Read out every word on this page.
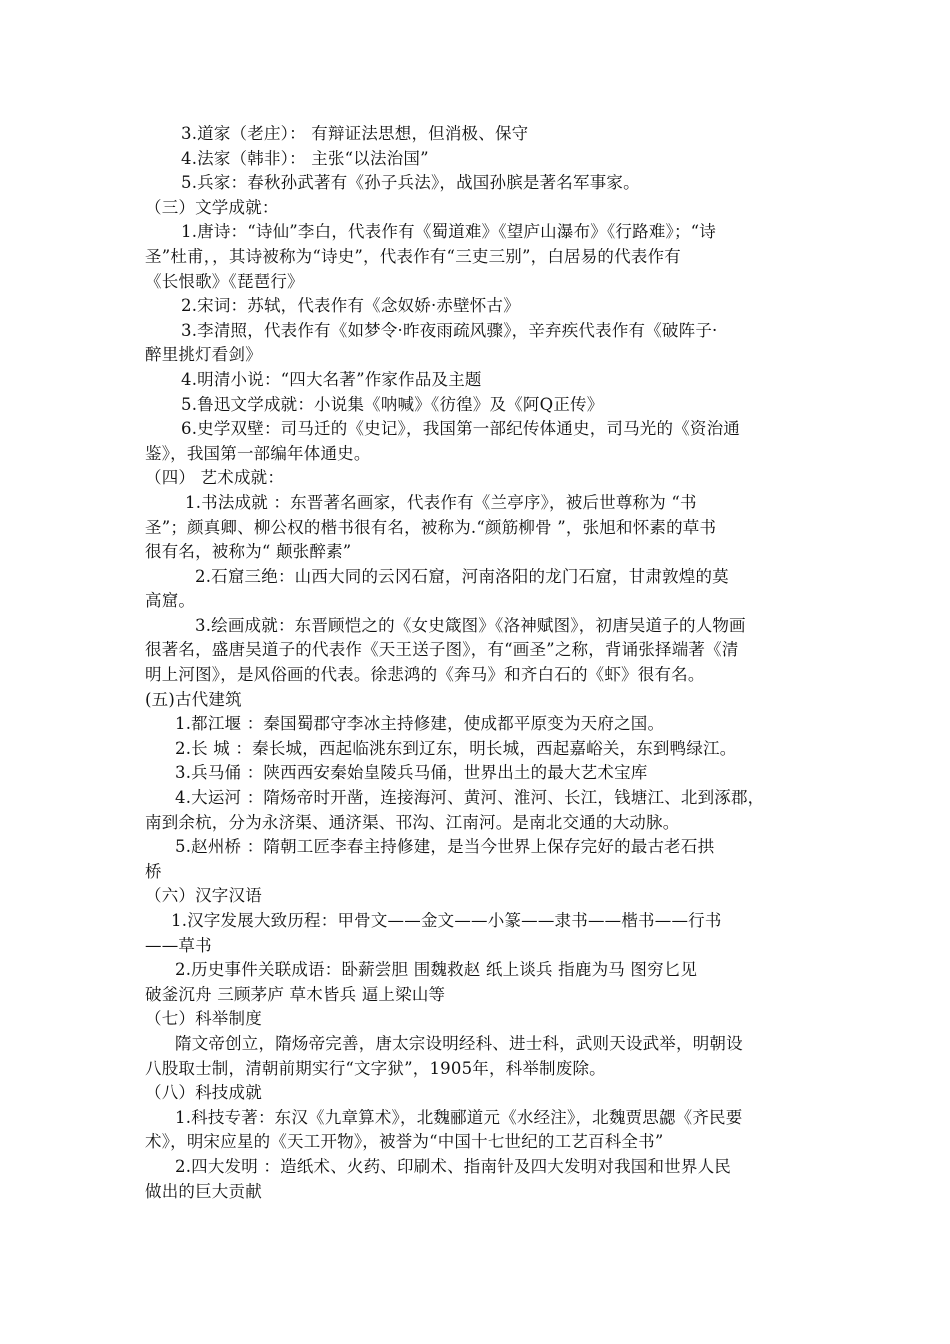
3.道家（老庄）： 有辩证法思想，但消极、保守
4.法家（韩非）： 主张“以法治国”
5.兵家：春秋孙武著有《孙子兵法》，战国孙膑是著名军事家。
（三）文学成就：
1.唐诗：“诗仙”李白，代表作有《蜀道难》《望庐山瀑布》《行路难》；“诗
圣”杜甫，，其诗被称为“诗史”，代表作有“三吏三别”，白居易的代表作有
《长恨歌》《琵琶行》
2.宋词：苏轼，代表作有《念奴娇·赤壁怀古》
3.李清照，代表作有《如梦令·昨夜雨疏风骤》，辛弃疾代表作有《破阵子·
醉里挑灯看剑》
4.明清小说：“四大名著”作家作品及主题
5.鲁迅文学成就：小说集《呐喊》《彷徨》及《阿Q正传》
6.史学双壁：司马迁的《史记》，我国第一部纪传体通史，司马光的《资治通
鉴》，我国第一部编年体通史。
（四） 艺术成就：
1.书法成就 ：东晋著名画家，代表作有《兰亭序》，被后世尊称为 “书
圣”；颜真卿、柳公权的楷书很有名，被称为.“颜筋柳骨 ”，张旭和怀素的草书
很有名，被称为“ 颠张醉素”
2.石窟三绝：山西大同的云冈石窟，河南洛阳的龙门石窟，甘肃敦煌的莫
高窟。
3.绘画成就：东晋顾恺之的《女史箴图》《洛神赋图》，初唐吴道子的人物画
很著名，盛唐吴道子的代表作《天王送子图》，有“画圣”之称，背诵张择端著《清
明上河图》，是风俗画的代表。徐悲鸿的《奔马》和齐白石的《虾》很有名。
(五)古代建筑
1.都江堰 ：秦国蜀郡守李冰主持修建，使成都平原变为天府之国。
2.长 城 ：秦长城，西起临洮东到辽东，明长城，西起嘉峪关，东到鸭绿江。
3.兵马俑 ：陕西西安秦始皇陵兵马俑，世界出土的最大艺术宝库
4.大运河 ：隋炀帝时开凿，连接海河、黄河、淮河、长江，钱塘江、北到涿郡，
南到余杭，分为永济渠、通济渠、邗沟、江南河。是南北交通的大动脉。
5.赵州桥 ：隋朝工匠李春主持修建，是当今世界上保存完好的最古老石拱
桥
（六）汉字汉语
1.汉字发展大致历程：甲骨文——金文——小篆——隶书——楷书——行书
——草书
2.历史事件关联成语：卧薪尝胆 围魏救赵 纸上谈兵 指鹿为马 图穷匕见
破釜沉舟 三顾茅庐 草木皆兵 逼上梁山等
（七）科举制度
隋文帝创立，隋炀帝完善，唐太宗设明经科、进士科，武则天设武举，明朝设
八股取士制，清朝前期实行“文字狱”，1905年，科举制废除。
（八）科技成就
1.科技专著：东汉《九章算术》，北魏郦道元《水经注》，北魏贾思勰《齐民要
术》，明宋应星的《天工开物》，被誉为“中国十七世纪的工艺百科全书”
2.四大发明 ：造纸术、火药、印刷术、指南针及四大发明对我国和世界人民
做出的巨大贡献
